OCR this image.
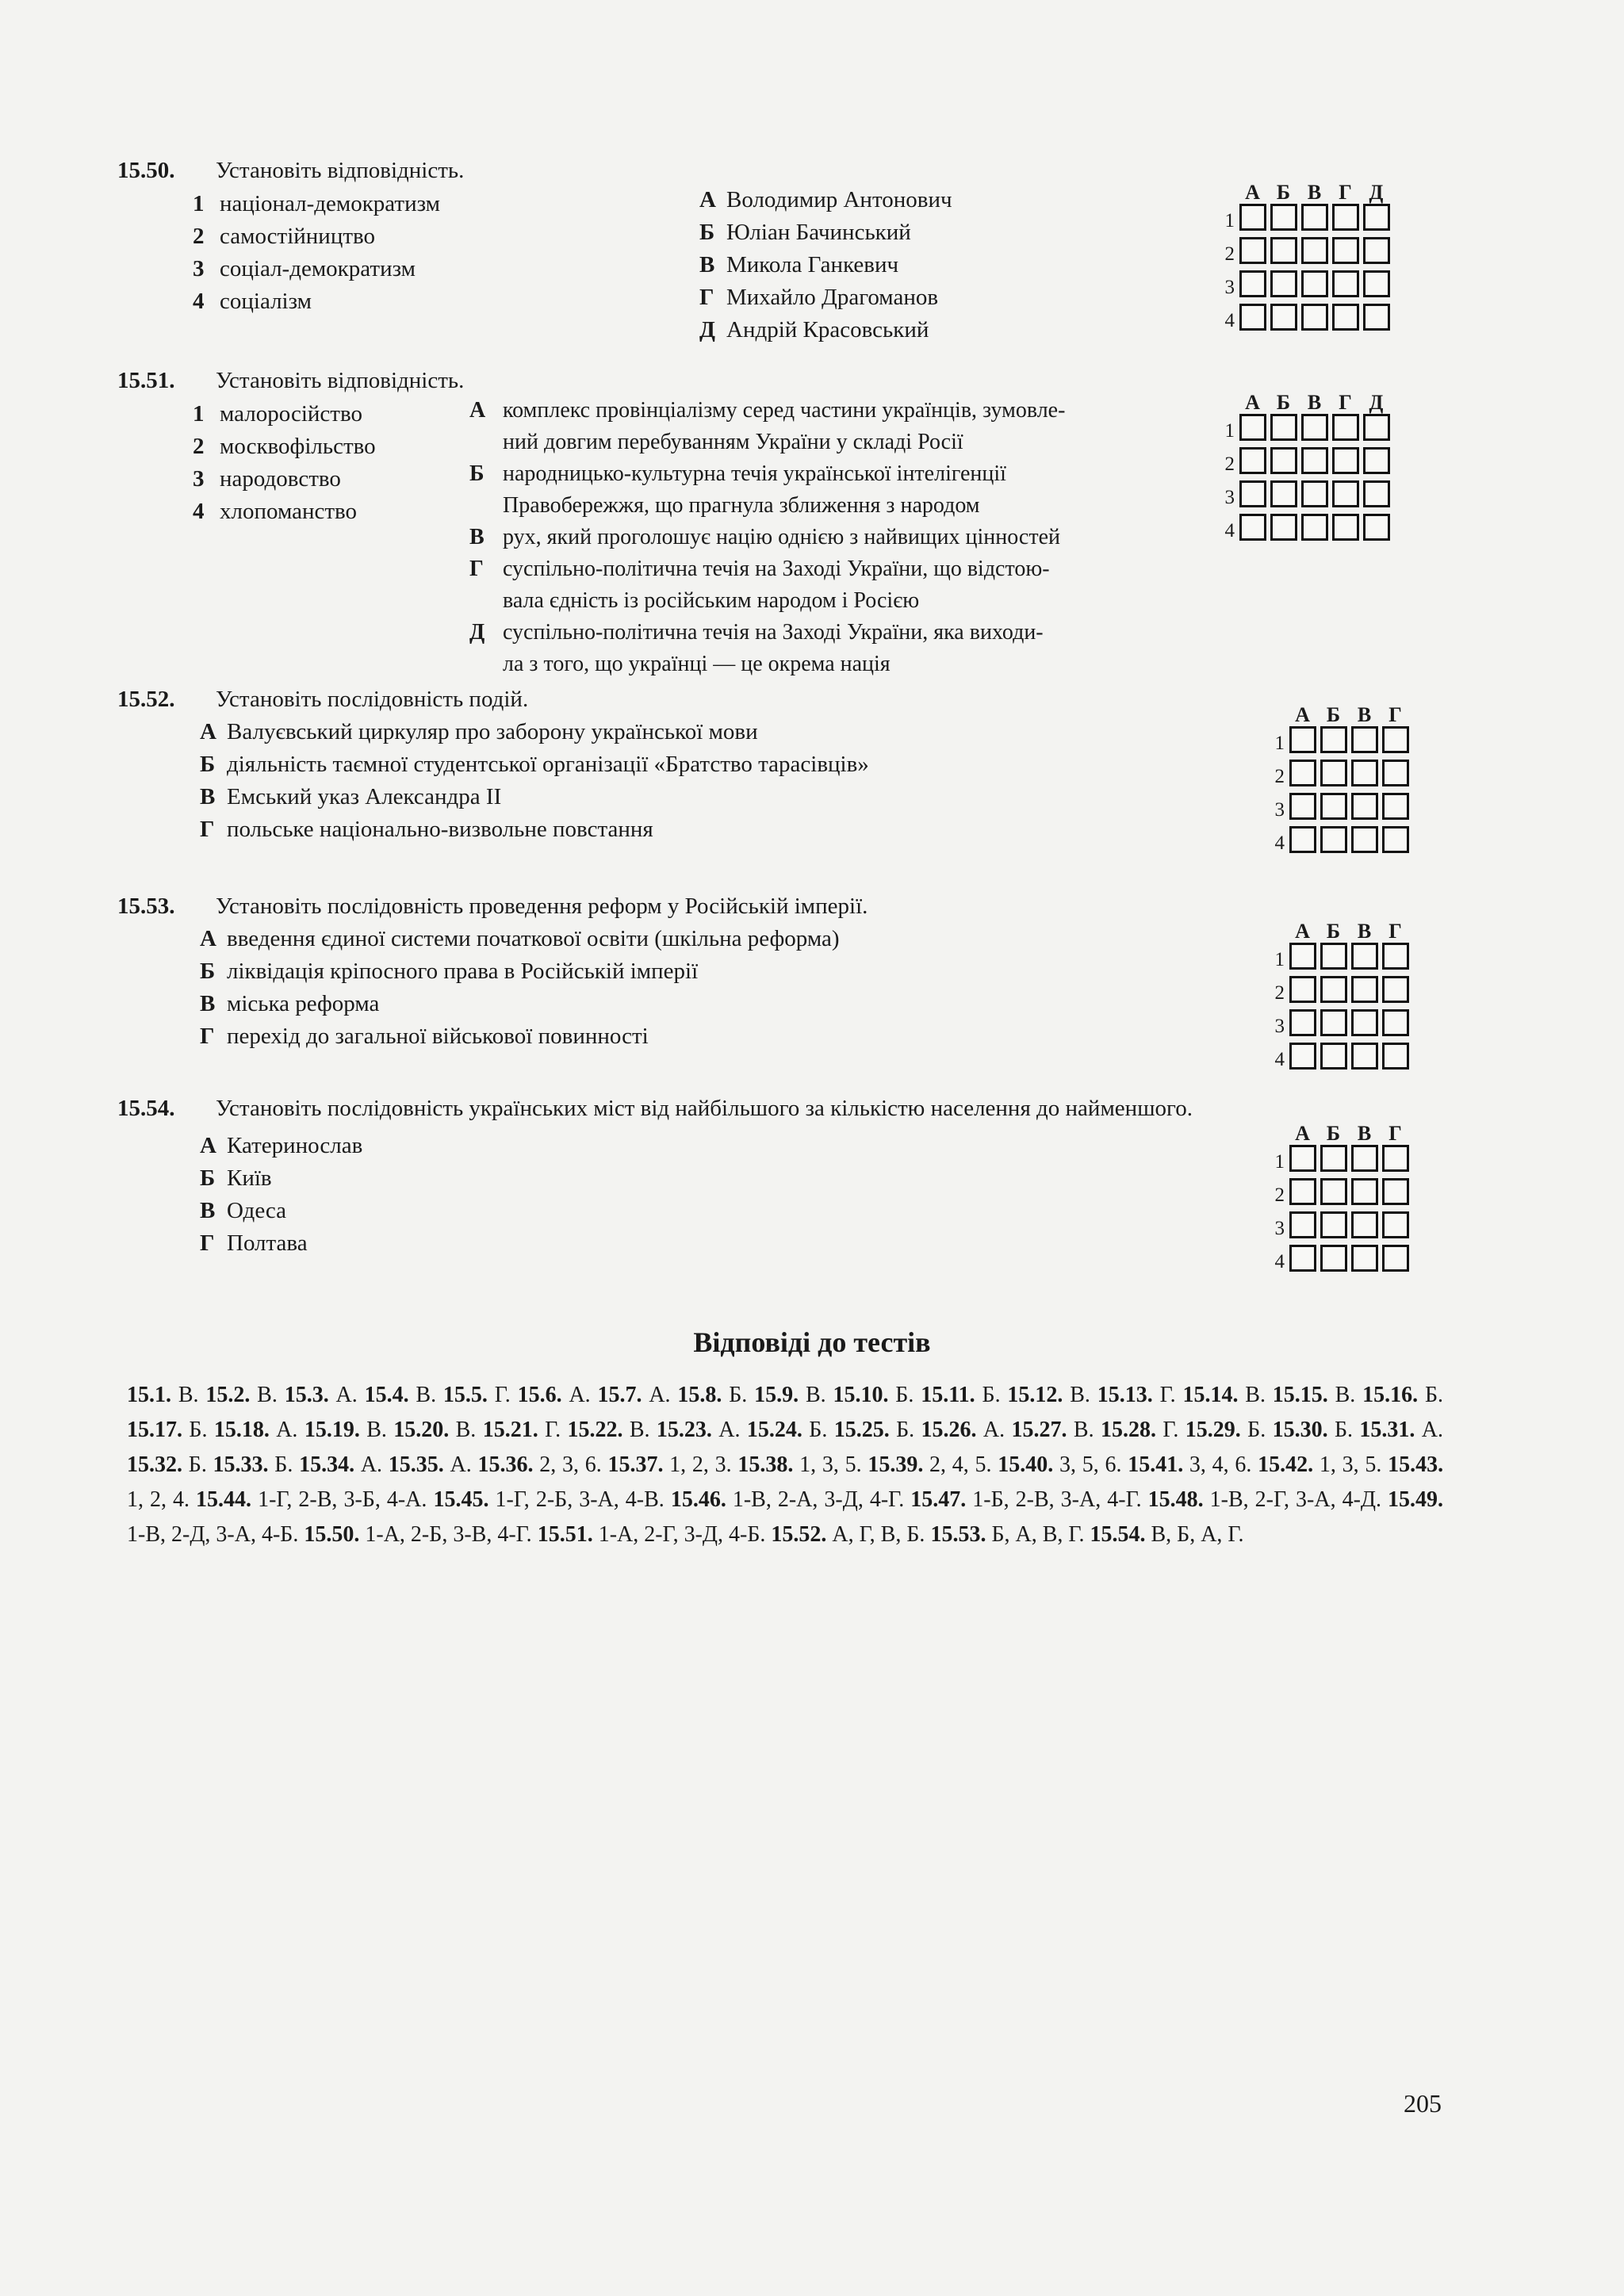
15.50. Установіть відповідність.
1 націонал-демократизм
2 самостійництво
3 соціал-демократизм
4 соціалізм
А Володимир Антонович
Б Юліан Бачинський
В Микола Ганкевич
Г Михайло Драгоманов
Д Андрій Красовський
А Б В Г Д
1
2
3
4
15.51. Установіть відповідність.
1 малоросійство
2 москвофільство
3 народовство
4 хлопоманство
А комплекс провінціалізму серед частини українців, зумовле-
ний довгим перебуванням України у складі Росії
Б народницько-культурна течія української інтелігенції
Правобережжя, що прагнула зближення з народом
В рух, який проголошує націю однією з найвищих цінностей
Г суспільно-політична течія на Заході України, що відстою-
вала єдність із російським народом і Росією
Д суспільно-політична течія на Заході України, яка виходи-
ла з того, що українці — це окрема нація
А Б В Г Д
1
2
3
4
15.52. Установіть послідовність подій.
А Валуєвський циркуляр про заборону української мови
Б діяльність таємної студентської організації «Братство тарасівців»
В Емський указ Александра II
Г польське національно-визвольне повстання
А Б В Г
1
2
3
4
15.53. Установіть послідовність проведення реформ у Російській імперії.
А введення єдиної системи початкової освіти (шкільна реформа)
Б ліквідація кріпосного права в Російській імперії
В міська реформа
Г перехід до загальної військової повинності
А Б В Г
1
2
3
4
15.54. Установіть послідовність українських міст від найбільшого за кількістю населення до найменшого.
А Катеринослав
Б Київ
В Одеса
Г Полтава
А Б В Г
1
2
3
4
Відповіді до тестів
15.1. В. 15.2. В. 15.3. А. 15.4. В. 15.5. Г. 15.6. А. 15.7. А. 15.8. Б. 15.9. В. 15.10. Б. 15.11. Б. 15.12. В. 15.13. Г. 15.14. В. 15.15. В. 15.16. Б. 15.17. Б. 15.18. А. 15.19. В. 15.20. В. 15.21. Г. 15.22. В. 15.23. А. 15.24. Б. 15.25. Б. 15.26. А. 15.27. В. 15.28. Г. 15.29. Б. 15.30. Б. 15.31. А. 15.32. Б. 15.33. Б. 15.34. А. 15.35. А. 15.36. 2, 3, 6. 15.37. 1, 2, 3. 15.38. 1, 3, 5. 15.39. 2, 4, 5. 15.40. 3, 5, 6. 15.41. 3, 4, 6. 15.42. 1, 3, 5. 15.43. 1, 2, 4. 15.44. 1-Г, 2-В, 3-Б, 4-А. 15.45. 1-Г, 2-Б, 3-А, 4-В. 15.46. 1-В, 2-А, 3-Д, 4-Г. 15.47. 1-Б, 2-В, 3-А, 4-Г. 15.48. 1-В, 2-Г, 3-А, 4-Д. 15.49. 1-В, 2-Д, 3-А, 4-Б. 15.50. 1-А, 2-Б, 3-В, 4-Г. 15.51. 1-А, 2-Г, 3-Д, 4-Б. 15.52. А, Г, В, Б. 15.53. Б, А, В, Г. 15.54. В, Б, А, Г.
205
